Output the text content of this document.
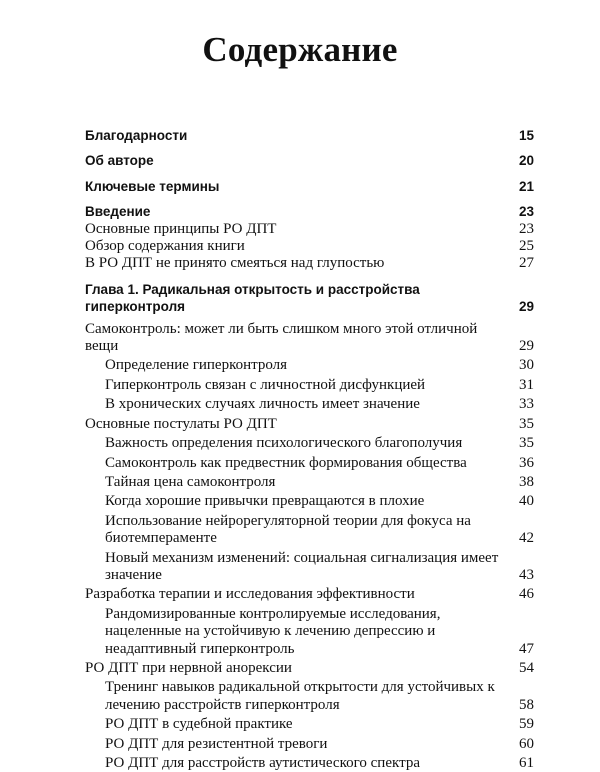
Содержание
Благодарности	15
Об авторе	20
Ключевые термины	21
Введение	23
Основные принципы РО ДПТ	23
Обзор содержания книги	25
В РО ДПТ не принято смеяться над глупостью	27
Глава 1. Радикальная открытость и расстройства гиперконтроля	29
Самоконтроль: может ли быть слишком много этой отличной вещи	29
Определение гиперконтроля	30
Гиперконтроль связан с личностной дисфункцией	31
В хронических случаях личность имеет значение	33
Основные постулаты РО ДПТ	35
Важность определения психологического благополучия	35
Самоконтроль как предвестник формирования общества	36
Тайная цена самоконтроля	38
Когда хорошие привычки превращаются в плохие	40
Использование нейрорегуляторной теории для фокуса на биотемпераменте	42
Новый механизм изменений: социальная сигнализация имеет значение	43
Разработка терапии и исследования эффективности	46
Рандомизированные контролируемые исследования, нацеленные на устойчивую к лечению депрессию и неадаптивный гиперконтроль	47
РО ДПТ при нервной анорексии	54
Тренинг навыков радикальной открытости для устойчивых к лечению расстройств гиперконтроля	58
РО ДПТ в судебной практике	59
РО ДПТ для резистентной тревоги	60
РО ДПТ для расстройств аутистического спектра	61
